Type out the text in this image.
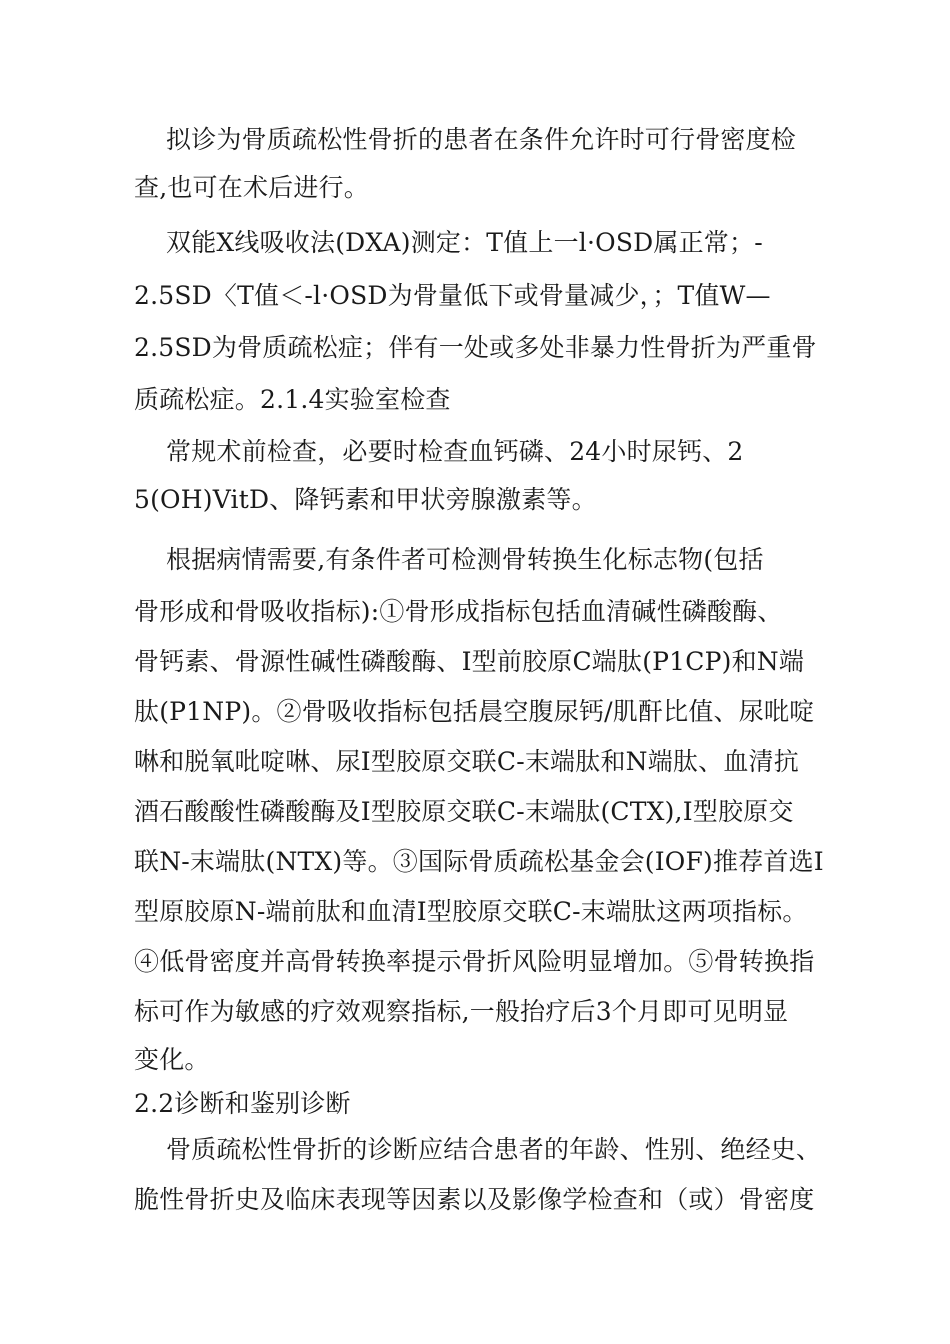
拟诊为骨质疏松性骨折的患者在条件允许时可行骨密度检

查,也可在术后进行。

双能X线吸收法(DXA)测定：T值上一l·OSD属正常；-

2.5SD〈T值＜-l·OSD为骨量低下或骨量减少，；T值W—

2.5SD为骨质疏松症；伴有一处或多处非暴力性骨折为严重骨

质疏松症。2.1.4实验室检查

常规术前检查，必要时检查血钙磷、24小时尿钙、2

5(OH)VitD、降钙素和甲状旁腺激素等。

根据病情需要,有条件者可检测骨转换生化标志物(包括

骨形成和骨吸收指标):①骨形成指标包括血清碱性磷酸酶、

骨钙素、骨源性碱性磷酸酶、I型前胶原C端肽(P1CP)和N端

肽(P1NP)。②骨吸收指标包括晨空腹尿钙/肌酐比值、尿吡啶

啉和脱氧吡啶啉、尿I型胶原交联C-末端肽和N端肽、血清抗

酒石酸酸性磷酸酶及I型胶原交联C-末端肽(CTX),I型胶原交

联N-末端肽(NTX)等。③国际骨质疏松基金会(IOF)推荐首选I

型原胶原N-端前肽和血清I型胶原交联C-末端肽这两项指标。

④低骨密度并高骨转换率提示骨折风险明显增加。⑤骨转换指

标可作为敏感的疗效观察指标,一般抬疗后3个月即可见明显

变化。

2.2诊断和鉴别诊断

骨质疏松性骨折的诊断应结合患者的年龄、性别、绝经史、

脆性骨折史及临床表现等因素以及影像学检查和（或）骨密度
